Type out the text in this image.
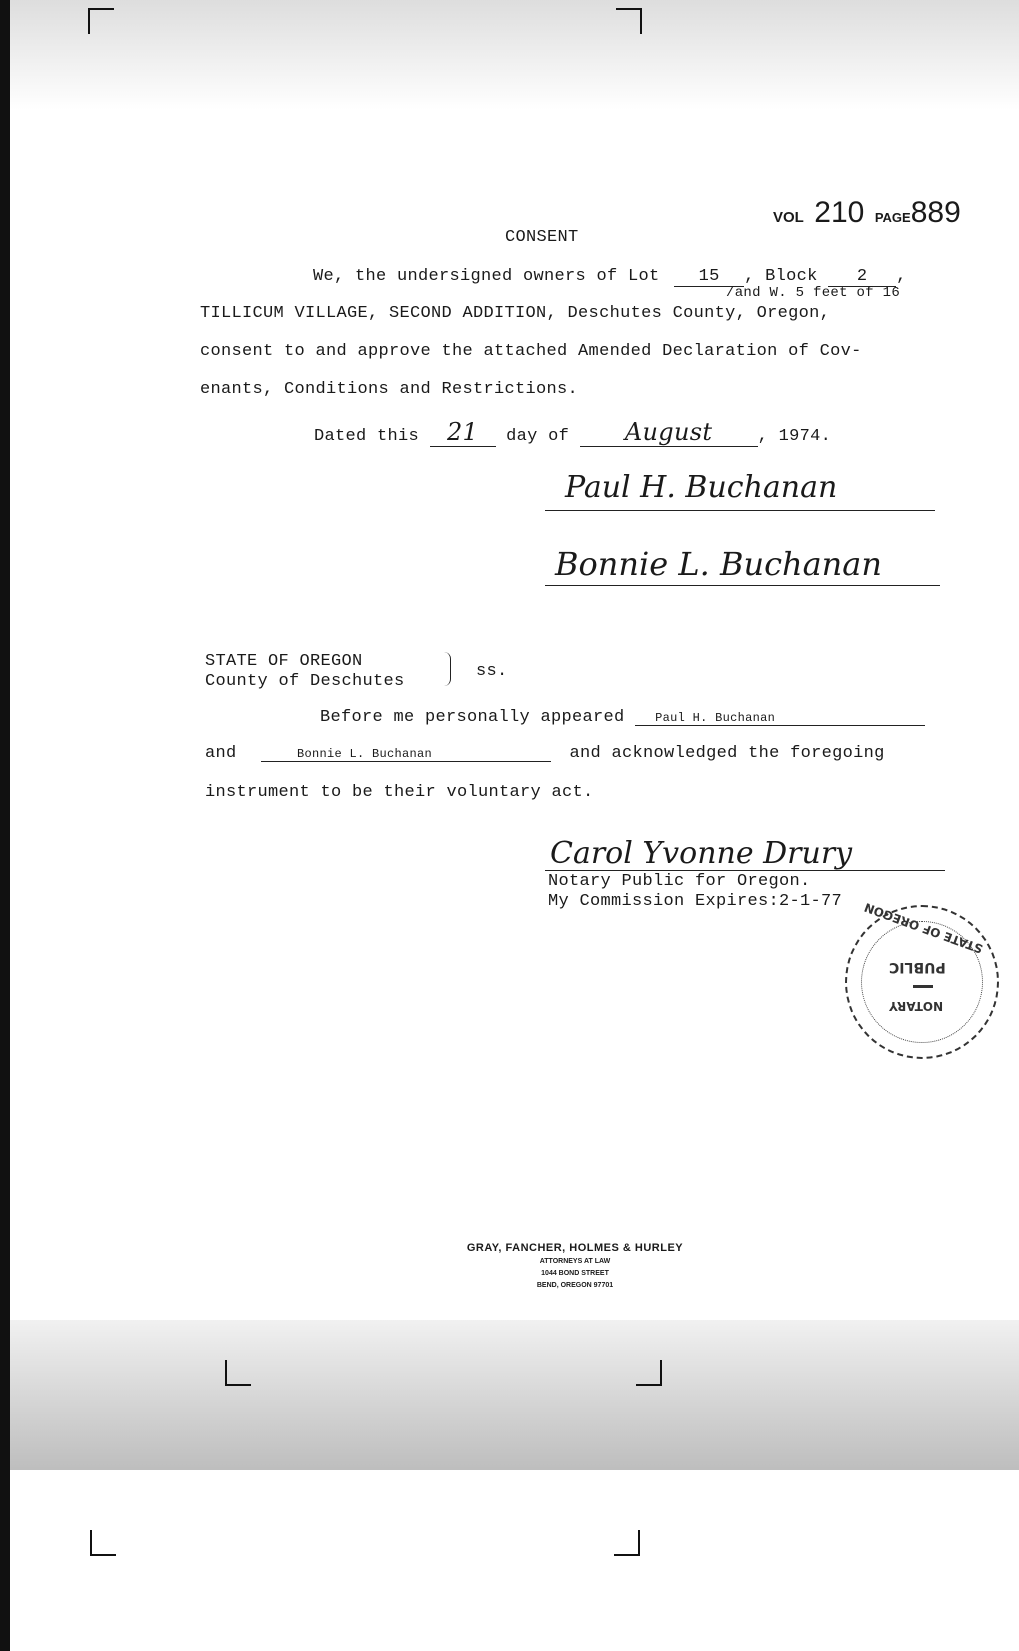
VOL 210 PAGE889
CONSENT
We, the undersigned owners of Lot 15 , Block 2 ,
/and W. 5 feet of 16
TILLICUM VILLAGE, SECOND ADDITION, Deschutes County, Oregon,
consent to and approve the attached Amended Declaration of Cov-
enants, Conditions and Restrictions.
Dated this 21 day of August	, 1974.
Paul H. Buchanan
Bonnie L. Buchanan
STATE OF OREGON
County of Deschutes
ss.
Before me personally appeared	Paul H. Buchanan
and	Bonnie L. Buchanan	and acknowledged the foregoing
instrument to be their voluntary act.
Carol Yvonne Drury
Notary Public for Oregon.
My Commission Expires:2-1-77 STATE OF OREGON
PUBLIC
NOTARY
GRAY, FANCHER, HOLMES & HURLEY
ATTORNEYS AT LAW
1044 BOND STREET
BEND, OREGON 97701
